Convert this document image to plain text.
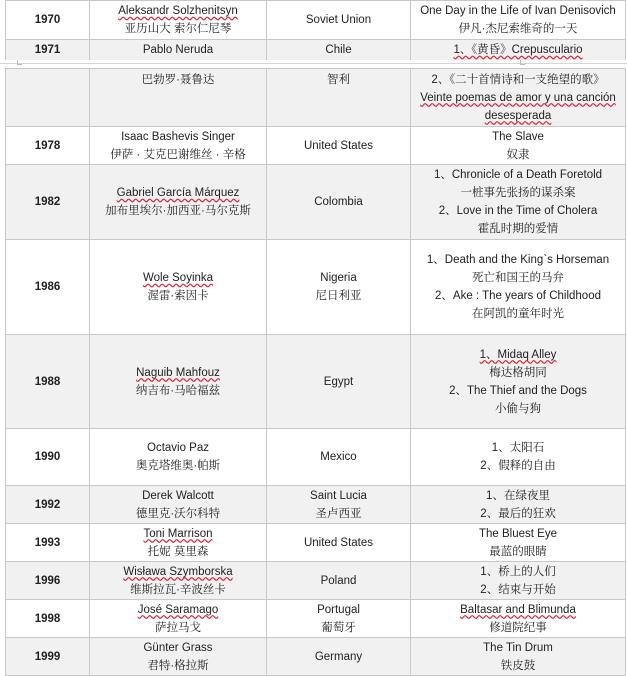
1970	Aleksandr Solzhenitsyn
亚历山大 索尔仁尼琴	Soviet Union	One Day in the Life of Ivan Denisovich
伊凡·杰尼索维奇的一天

1971	Pablo Neruda	Chile	1、《黄昏》Crepusculario

	巴勃罗·聂鲁达	智利	2、《二十首情诗和一支绝望的歌》
Veinte poemas de amor y una canción desesperada

1978	Isaac Bashevis Singer
伊萨 · 艾克巴谢维丝 · 辛格	United States	The Slave
奴隶

1982	Gabriel García Márquez
加布里埃尔·加西亚·马尔克斯	Colombia	1、Chronicle of a Death Foretold
一桩事先张扬的谋杀案
2、Love in the Time of Cholera
霍乱时期的爱情

1986	Wole Soyinka
渥雷·索因卡	Nigeria
尼日利亚	1、Death and the King`s Horseman
死亡和国王的马弁
2、Ake : The years of Childhood
在阿凯的童年时光

1988	Naguib Mahfouz
纳吉布·马哈福兹	Egypt	1、Midaq Alley
梅达格胡同
2、The Thief and the Dogs
小偷与狗

1990	Octavio Paz
奥克塔维奥·帕斯	Mexico	1、太阳石
2、假释的自由

1992	Derek Walcott
德里克·沃尔科特	Saint Lucia
圣卢西亚	1、在绿夜里
2、最后的狂欢

1993	Toni Marrison
托妮 莫里森	United States	The Bluest Eye
最蓝的眼睛

1996	Wisława Szymborska
维斯拉瓦·辛波丝卡	Poland	1、桥上的人们
2、结束与开始

1998	José Saramago
萨拉马戈	Portugal
葡萄牙	Baltasar and Blimunda
修道院纪事

1999	Günter Grass
君特·格拉斯	Germany	The Tin Drum
铁皮鼓
